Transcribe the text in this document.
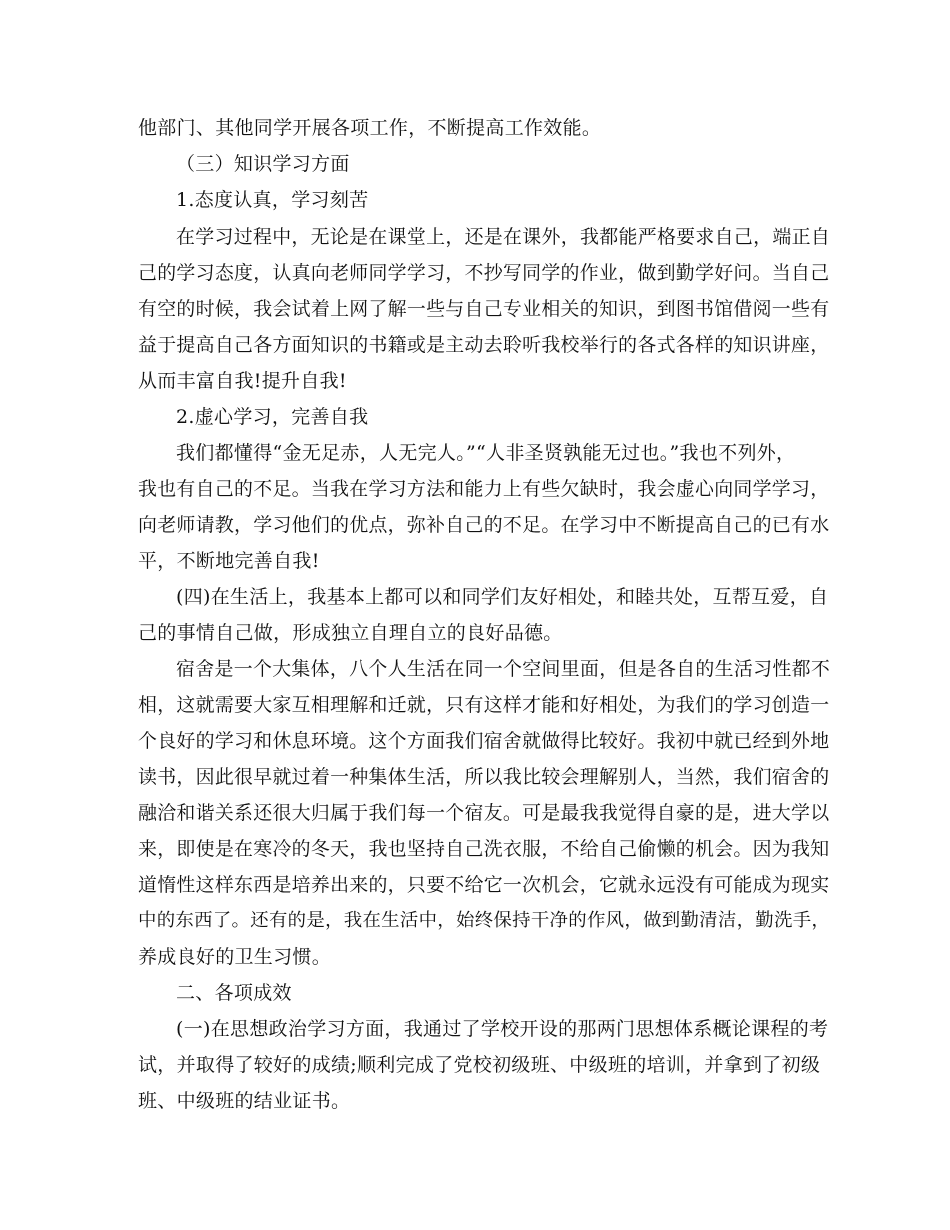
他部门、其他同学开展各项工作，不断提高工作效能。
（三）知识学习方面
1.态度认真，学习刻苦
在学习过程中，无论是在课堂上，还是在课外，我都能严格要求自己，端正自
己的学习态度，认真向老师同学学习，不抄写同学的作业，做到勤学好问。当自己
有空的时候，我会试着上网了解一些与自己专业相关的知识，到图书馆借阅一些有
益于提高自己各方面知识的书籍或是主动去聆听我校举行的各式各样的知识讲座，
从而丰富自我!提升自我!
2.虚心学习，完善自我
我们都懂得“金无足赤，人无完人。”“人非圣贤孰能无过也。”我也不列外，
我也有自己的不足。当我在学习方法和能力上有些欠缺时，我会虚心向同学学习，
向老师请教，学习他们的优点，弥补自己的不足。在学习中不断提高自己的已有水
平，不断地完善自我!
(四)在生活上，我基本上都可以和同学们友好相处，和睦共处，互帮互爱，自
己的事情自己做，形成独立自理自立的良好品德。
宿舍是一个大集体，八个人生活在同一个空间里面，但是各自的生活习性都不
相，这就需要大家互相理解和迁就，只有这样才能和好相处，为我们的学习创造一
个良好的学习和休息环境。这个方面我们宿舍就做得比较好。我初中就已经到外地
读书，因此很早就过着一种集体生活，所以我比较会理解别人，当然，我们宿舍的
融洽和谐关系还很大归属于我们每一个宿友。可是最我我觉得自豪的是，进大学以
来，即使是在寒冷的冬天，我也坚持自己洗衣服，不给自己偷懒的机会。因为我知
道惰性这样东西是培养出来的，只要不给它一次机会，它就永远没有可能成为现实
中的东西了。还有的是，我在生活中，始终保持干净的作风，做到勤清洁，勤洗手，
养成良好的卫生习惯。
二、各项成效
(一)在思想政治学习方面，我通过了学校开设的那两门思想体系概论课程的考
试，并取得了较好的成绩;顺利完成了党校初级班、中级班的培训，并拿到了初级
班、中级班的结业证书。
